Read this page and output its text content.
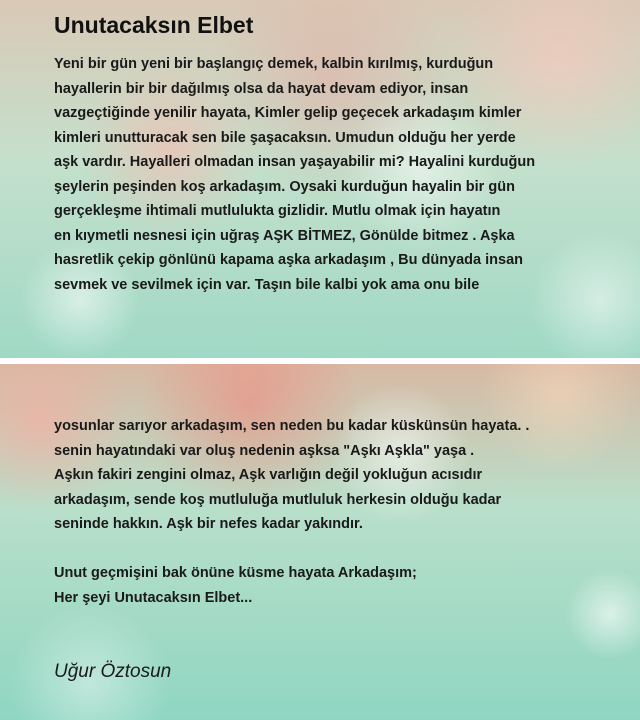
Unutacaksın Elbet
Yeni bir gün yeni bir başlangıç demek, kalbin kırılmış, kurduğun
hayallerin bir bir dağılmış olsa da hayat devam ediyor, insan
vazgeçtiğinde yenilir hayata, Kimler gelip geçecek arkadaşım kimler
kimleri unutturacak sen bile şaşacaksın. Umudun olduğu her yerde
aşk vardır. Hayalleri olmadan insan yaşayabilir mi? Hayalini kurduğun
şeylerin peşinden koş arkadaşım. Oysaki kurduğun hayalin bir gün
gerçekleşme ihtimali mutlulukta gizlidir. Mutlu olmak için hayatın
en kıymetli nesnesi için uğraş AŞK BİTMEZ, Gönülde bitmez . Aşka
hasretlik çekip gönlünü kapama aşka arkadaşım , Bu dünyada insan
sevmek ve sevilmek için var. Taşın bile kalbi yok ama onu bile
yosunlar sarıyor arkadaşım, sen neden bu kadar küskünsün hayata. .
senin hayatındaki var oluş nedenin aşksa "Aşkı Aşkla" yaşa .
Aşkın fakiri zengini olmaz, Aşk varlığın değil yokluğun acısıdır
arkadaşım, sende koş mutluluğa mutluluk herkesin olduğu kadar
seninde hakkın. Aşk bir nefes kadar yakındır.
Unut geçmişini bak önüne küsme hayata Arkadaşım;
Her şeyi Unutacaksın Elbet...
Uğur Öztosun
